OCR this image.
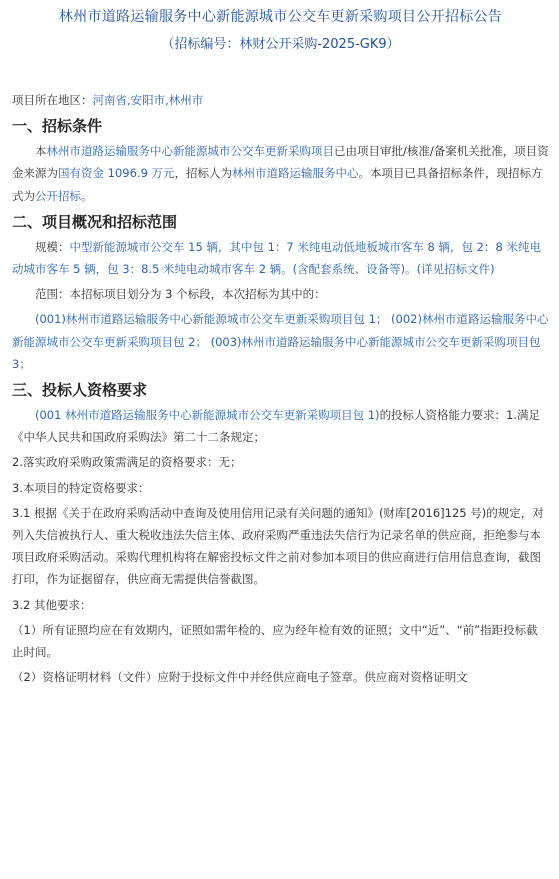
林州市道路运输服务中心新能源城市公交车更新采购项目公开招标公告
（招标编号：林财公开采购-2025-GK9）

项目所在地区：河南省,安阳市,林州市

一、招标条件

本林州市道路运输服务中心新能源城市公交车更新采购项目已由项目审批/核准/备案机关批准，项目资金来源为国有资金 1096.9 万元，招标人为林州市道路运输服务中心。本项目已具备招标条件，现招标方式为公开招标。

二、项目概况和招标范围

规模：中型新能源城市公交车 15 辆，其中包 1：7 米纯电动低地板城市客车 8 辆，包 2：8 米纯电动城市客车 5 辆，包 3：8.5 米纯电动城市客车 2 辆。(含配套系统、设备等)。(详见招标文件)

范围：本招标项目划分为 3 个标段，本次招标为其中的：

(001)林州市道路运输服务中心新能源城市公交车更新采购项目包 1； (002)林州市道路运输服务中心新能源城市公交车更新采购项目包 2； (003)林州市道路运输服务中心新能源城市公交车更新采购项目包 3；

三、投标人资格要求

(001 林州市道路运输服务中心新能源城市公交车更新采购项目包 1)的投标人资格能力要求：1.满足《中华人民共和国政府采购法》第二十二条规定；

2.落实政府采购政策需满足的资格要求：无；

3.本项目的特定资格要求：

3.1 根据《关于在政府采购活动中查询及使用信用记录有关问题的通知》(财库[2016]125 号)的规定，对列入失信被执行人、重大税收违法失信主体、政府采购严重违法失信行为记录名单的供应商，拒绝参与本项目政府采购活动。采购代理机构将在解密投标文件之前对参加本项目的供应商进行信用信息查询，截图打印，作为证据留存，供应商无需提供信誉截图。

3.2 其他要求：

（1）所有证照均应在有效期内，证照如需年检的、应为经年检有效的证照；文中“近”、“前”指距投标截止时间。

（2）资格证明材料（文件）应附于投标文件中并经供应商电子签章。供应商对资格证明文
